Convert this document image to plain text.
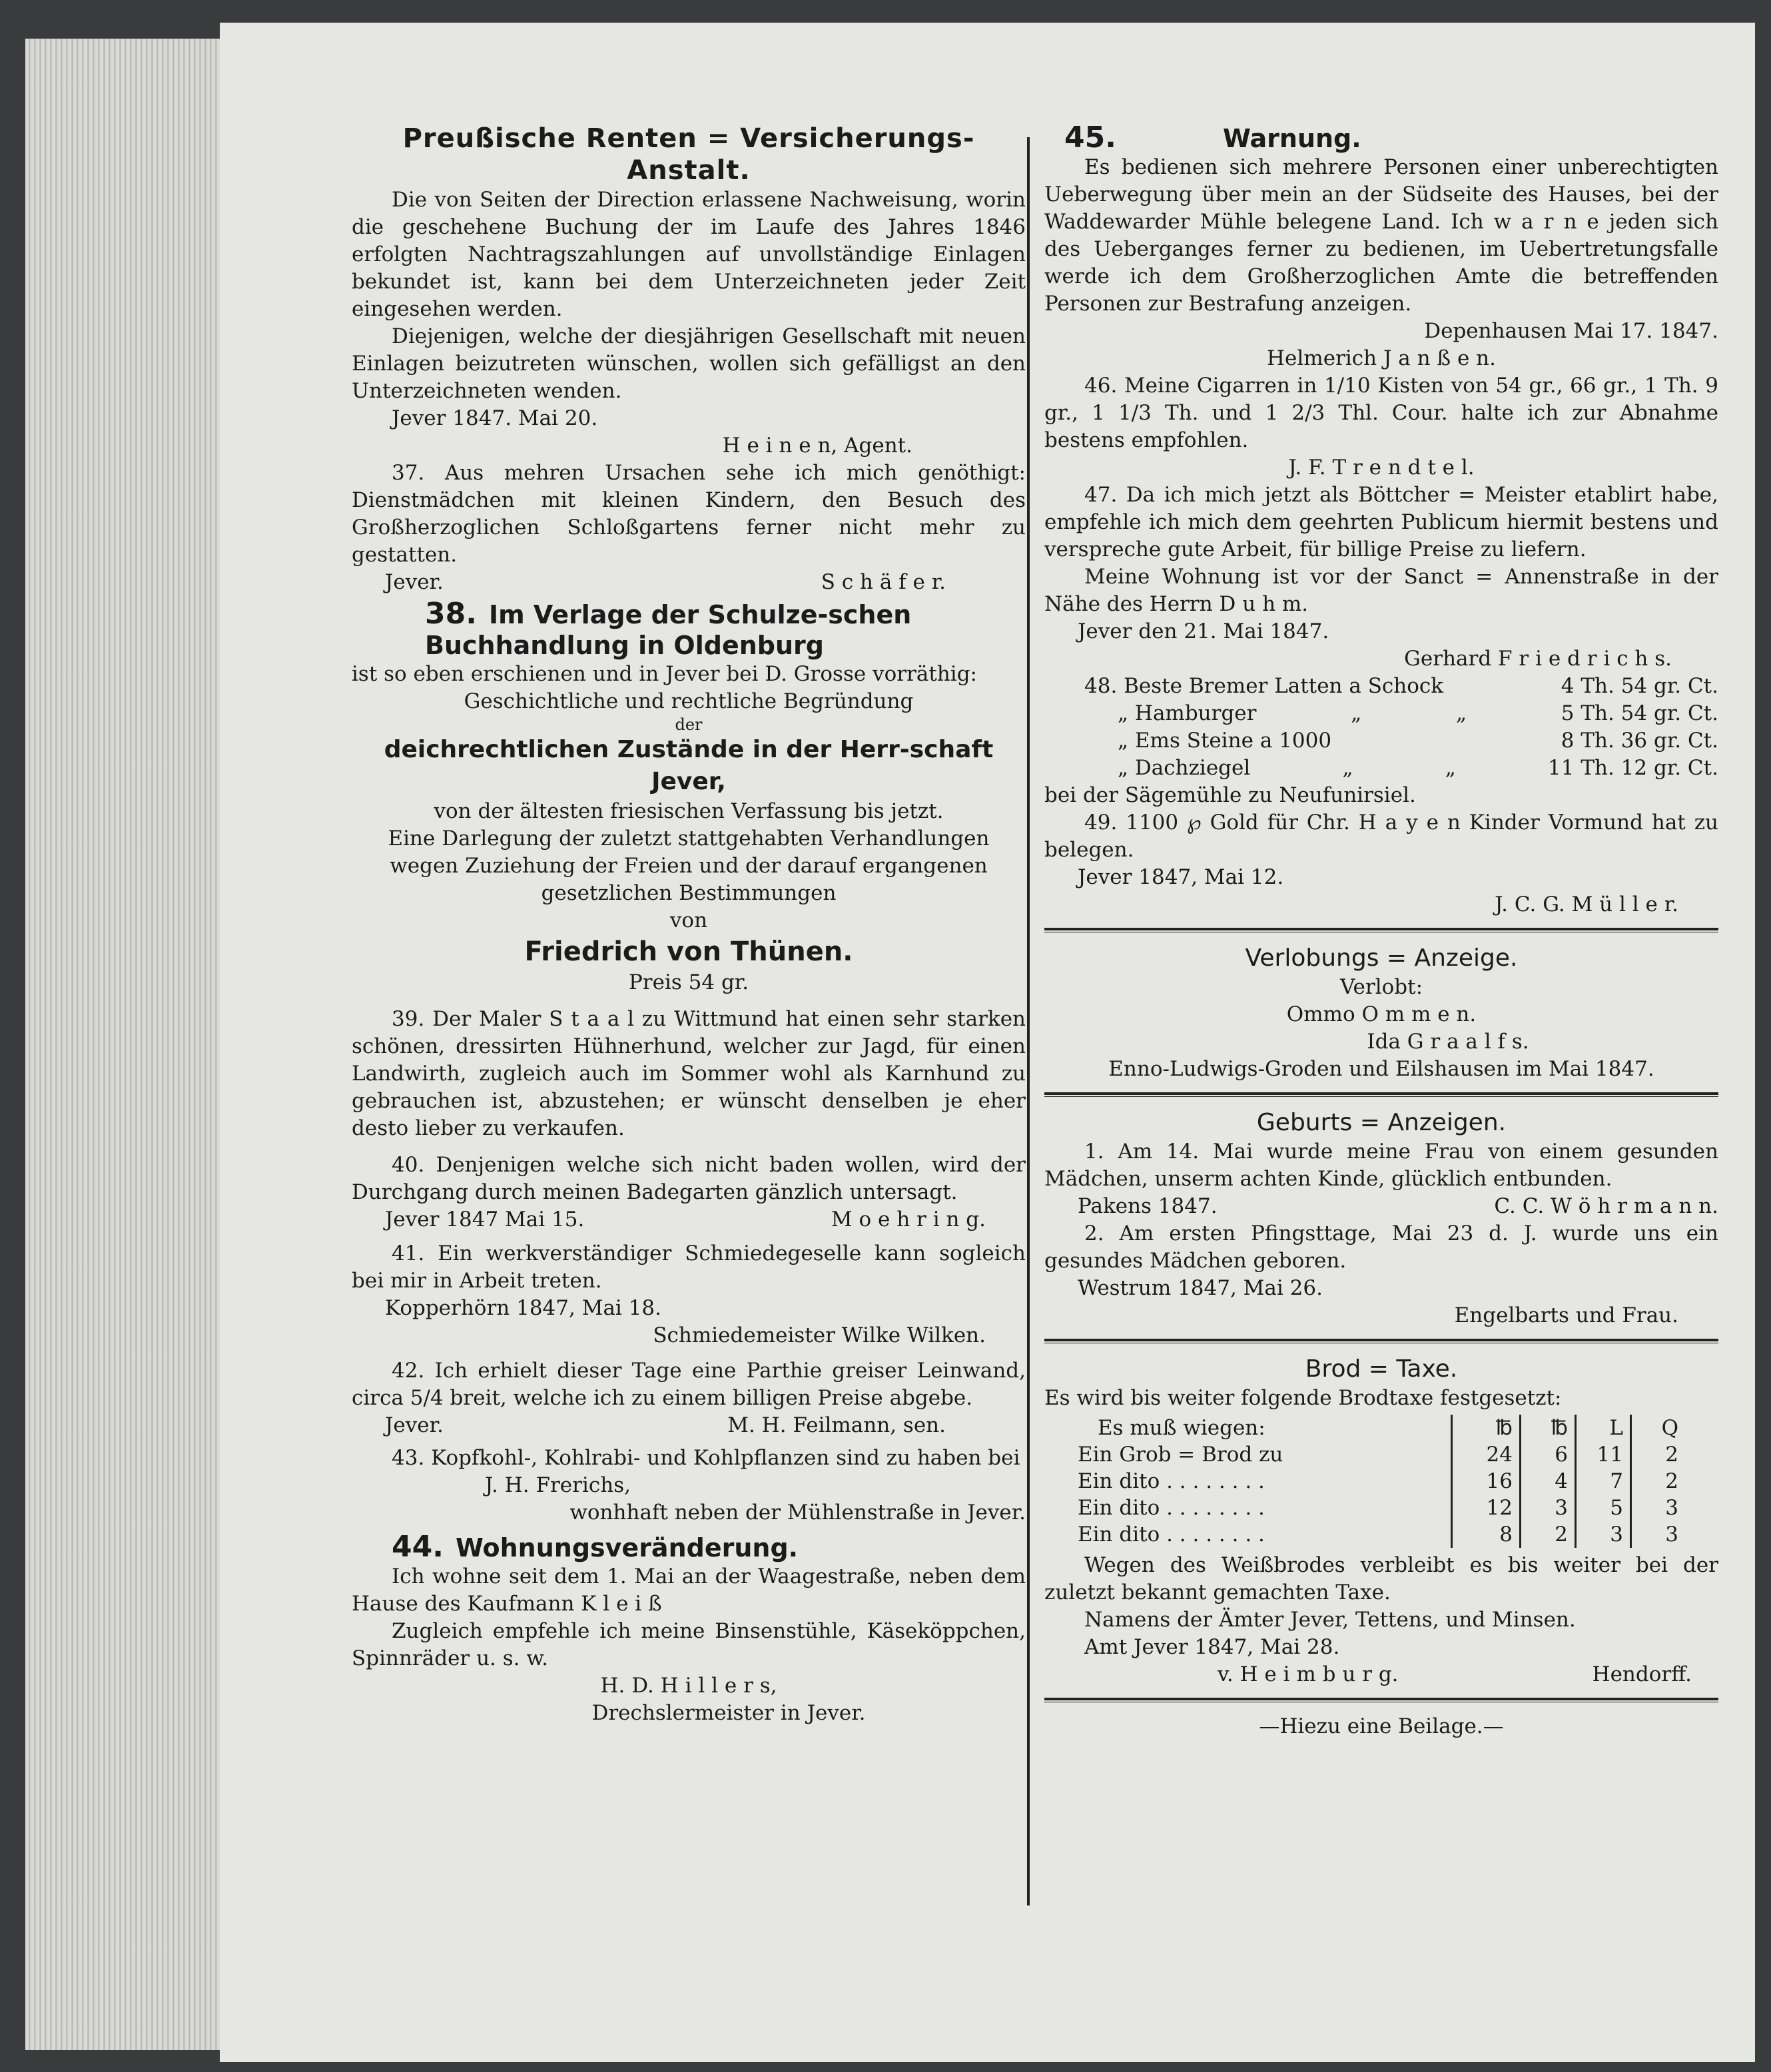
Preußische Renten = Versicherungs-Anstalt.

Die von Seiten der Direction erlassene Nachweisung, worin die geschehene Buchung der im Laufe des Jahres 1846 erfolgten Nachtragszahlungen auf unvollständige Einlagen bekundet ist, kann bei dem Unterzeichneten jeder Zeit eingesehen werden.

Diejenigen, welche der diesjährigen Gesellschaft mit neuen Einlagen beizutreten wünschen, wollen sich gefälligst an den Unterzeichneten wenden.

Jever 1847. Mai 20.

H e i n e n, Agent.

37. Aus mehren Ursachen sehe ich mich genöthigt: Dienstmädchen mit kleinen Kindern, den Besuch des Großherzoglichen Schloßgartens ferner nicht mehr zu gestatten.

Jever.	S c h ä f e r.
38. Im Verlage der Schulze-schen Buchhandlung in Oldenburg

ist so eben erschienen und in Jever bei D. Grosse vorräthig:

Geschichtliche und rechtliche Begründung

der

deichrechtlichen Zustände in der Herr-schaft Jever,

von der ältesten friesischen Verfassung bis jetzt.

Eine Darlegung der zuletzt stattgehabten Verhandlungen wegen Zuziehung der Freien und der darauf ergangenen gesetzlichen Bestimmungen

von

Friedrich von Thünen.

Preis 54 gr.

39. Der Maler S t a a l zu Wittmund hat einen sehr starken schönen, dressirten Hühnerhund, welcher zur Jagd, für einen Landwirth, zugleich auch im Sommer wohl als Karnhund zu gebrauchen ist, abzustehen; er wünscht denselben je eher desto lieber zu verkaufen.

40. Denjenigen welche sich nicht baden wollen, wird der Durchgang durch meinen Badegarten gänzlich untersagt.

Jever 1847 Mai 15.	M o e h r i n g.

41. Ein werkverständiger Schmiedegeselle kann sogleich bei mir in Arbeit treten.

Kopperhörn 1847, Mai 18.

Schmiedemeister Wilke Wilken.

42. Ich erhielt dieser Tage eine Parthie greiser Leinwand, circa 5/4 breit, welche ich zu einem billigen Preise abgebe.

Jever.	M. H. Feilmann, sen.

43. Kopfkohl-, Kohlrabi- und Kohlpflanzen sind zu haben bei

J. H. Frerichs,

wonhhaft neben der Mühlenstraße in Jever.

44. Wohnungsveränderung.

Ich wohne seit dem 1. Mai an der Waagestraße, neben dem Hause des Kaufmann K l e i ß

Zugleich empfehle ich meine Binsenstühle, Käseköppchen, Spinnräder u. s. w.

H. D. H i l l e r s,

Drechslermeister in Jever.

45.	Warnung.

Es bedienen sich mehrere Personen einer unberechtigten Ueberwegung über mein an der Südseite des Hauses, bei der Waddewarder Mühle belegene Land. Ich w a r n e jeden sich des Ueberganges ferner zu bedienen, im Uebertretungsfalle werde ich dem Großherzoglichen Amte die betreffenden Personen zur Bestrafung anzeigen.

Depenhausen Mai 17. 1847.

Helmerich J a n ß e n.

46. Meine Cigarren in 1/10 Kisten von 54 gr., 66 gr., 1 Th. 9 gr., 1 1/3 Th. und 1 2/3 Thl. Cour. halte ich zur Abnahme bestens empfohlen.

J. F. T r e n d t e l.

47. Da ich mich jetzt als Böttcher = Meister etablirt habe, empfehle ich mich dem geehrten Publicum hiermit bestens und verspreche gute Arbeit, für billige Preise zu liefern.

Meine Wohnung ist vor der Sanct = Annenstraße in der Nähe des Herrn D u h m.

Jever den 21. Mai 1847.

Gerhard F r i e d r i c h s.

48. Beste Bremer Latten a Schock	4 Th. 54 gr. Ct.
„ Hamburger	„	„	5 Th. 54 gr. Ct.
„ Ems Steine a 1000	8 Th. 36 gr. Ct.
„ Dachziegel	„	„	11 Th. 12 gr. Ct.

bei der Sägemühle zu Neufunirsiel.

49. 1100 ℘ Gold für Chr. H a y e n Kinder Vormund hat zu belegen.

Jever 1847, Mai 12.

J. C. G. M ü l l e r.

Verlobungs = Anzeige.

Verlobt:

Ommo O m m e n.

Ida G r a a l f s.

Enno-Ludwigs-Groden und Eilshausen im Mai 1847.

Geburts = Anzeigen.

1. Am 14. Mai wurde meine Frau von einem gesunden Mädchen, unserm achten Kinde, glücklich entbunden.

Pakens 1847.	C. C. W ö h r m a n n.

2. Am ersten Pfingsttage, Mai 23 d. J. wurde uns ein gesundes Mädchen geboren.

Westrum 1847, Mai 26.

Engelbarts und Frau.

Brod = Taxe.

Es wird bis weiter folgende Brodtaxe festgesetzt:

Es muß wiegen:	℔	℔	L	Q
Ein Grob = Brod zu	24	6	11	2
Ein dito . . . . . . . .	16	4	7	2
Ein dito . . . . . . . .	12	3	5	3
Ein dito . . . . . . . .	8	2	3	3

Wegen des Weißbrodes verbleibt es bis weiter bei der zuletzt bekannt gemachten Taxe.

Namens der Ämter Jever, Tettens, und Minsen.

Amt Jever 1847, Mai 28.

v. H e i m b u r g.	Hendorff.

—Hiezu eine Beilage.—
